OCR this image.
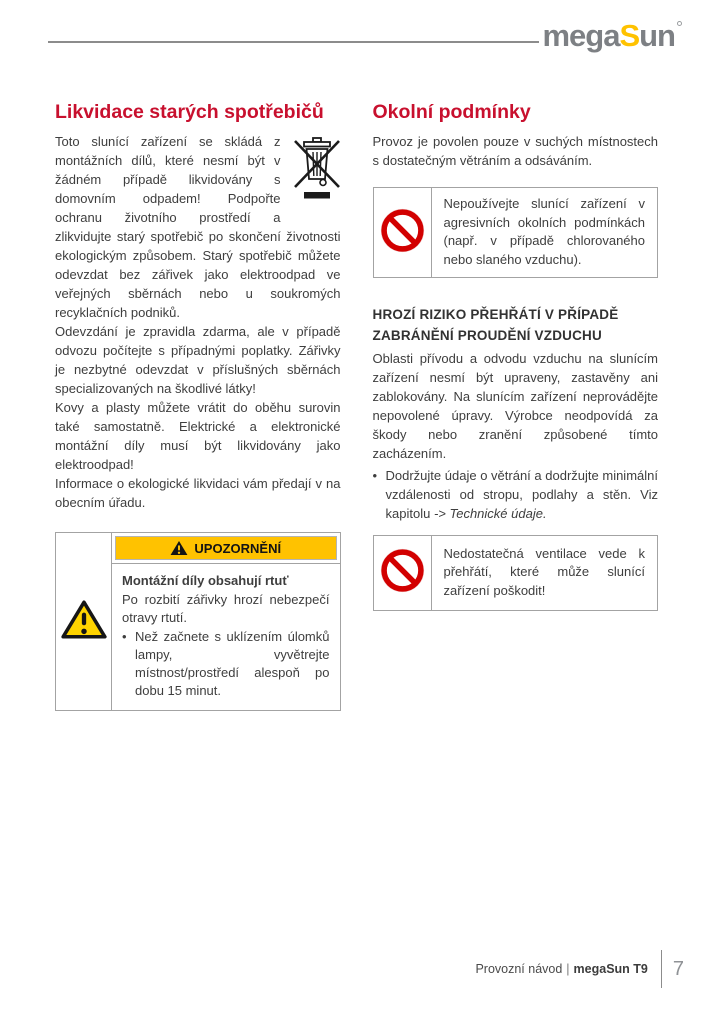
megaSun
Likvidace starých spotřebičů

Toto slunící zařízení se skládá z montážních dílů, které nesmí být v žádném případě likvidovány s domovním odpadem! Podpořte ochranu životního prostředí a zlikvidujte starý spotřebič po skončení životnosti ekologickým způsobem. Starý spotřebič můžete odevzdat bez zářivek jako elektroodpad ve veřejných sběrnách nebo u soukromých recyklačních podniků.

Odevzdání je zpravidla zdarma, ale v případě odvozu počítejte s případnými poplatky. Zářivky je nezbytné odevzdat v příslušných sběrnách specializovaných na škodlivé látky!

Kovy a plasty můžete vrátit do oběhu surovin také samostatně. Elektrické a elektronické montážní díly musí být likvidovány jako elektroodpad!

Informace o ekologické likvidaci vám předají v na obecním úřadu.

UPOZORNĚNÍ
Montážní díly obsahují rtuť
Po rozbití zářivky hrozí nebezpečí otravy rtutí.
• Než začnete s uklízením úlomků lampy, vyvětrejte místnost/prostředí alespoň po dobu 15 minut.
Okolní podmínky

Provoz je povolen pouze v suchých místnostech s dostatečným větráním a odsáváním.

Nepoužívejte slunící zařízení v agresivních okolních podmínkách (např. v případě chlorovaného nebo slaného vzduchu).
HROZÍ RIZIKO PŘEHŘÁTÍ V PŘÍPADĚ ZABRÁNĚNÍ PROUDĚNÍ VZDUCHU

Oblasti přívodu a odvodu vzduchu na slunícím zařízení nesmí být upraveny, zastavěny ani zablokovány. Na slunícím zařízení neprovádějte nepovolené úpravy. Výrobce neodpovídá za škody nebo zranění způsobené tímto zacházením.

• Dodržujte údaje o větrání a dodržujte minimální vzdálenosti od stropu, podlahy a stěn. Viz kapitolu -> Technické údaje.
Nedostatečná ventilace vede k přehřátí, které může slunící zařízení poškodit!
Provozní návod | megaSun T9 7
